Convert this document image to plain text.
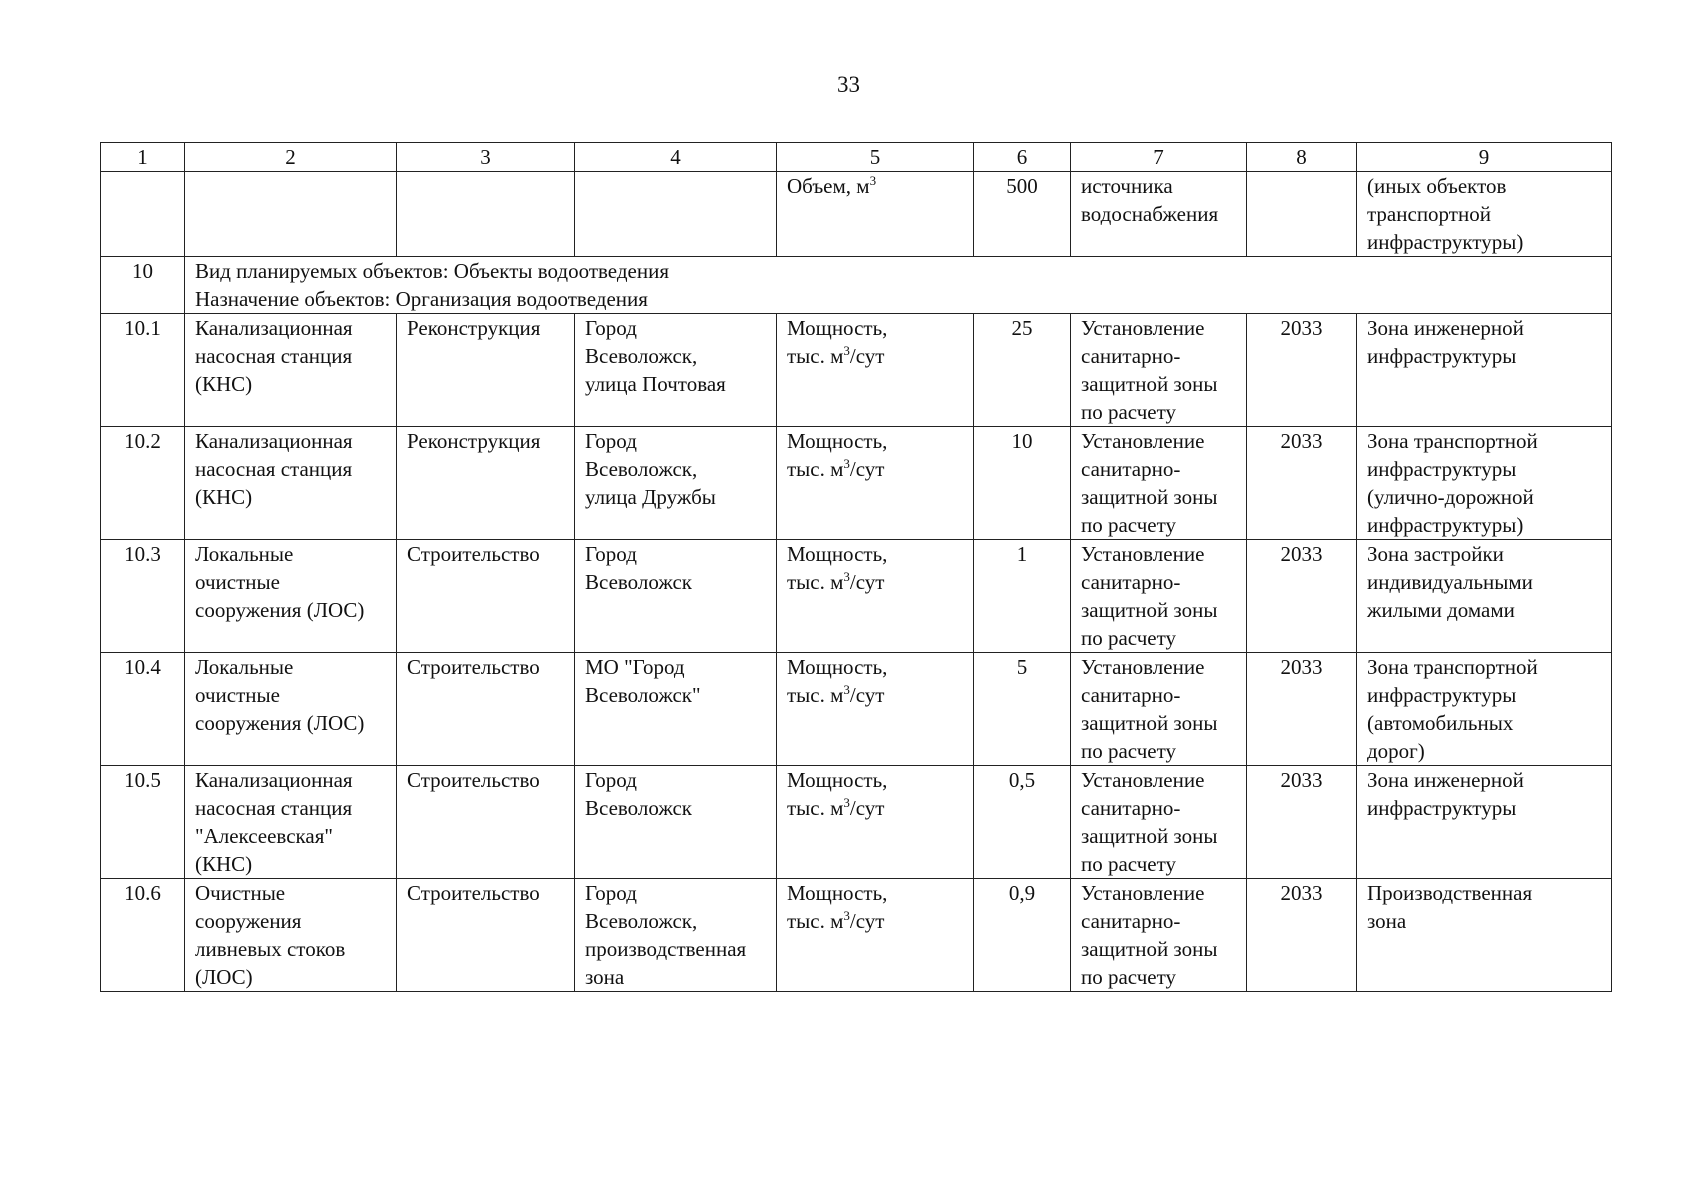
33
1	2	3	4	5	6	7	8	9
				Объем, $м^3$	500	источника
водоснабжения		(иных объектов
транспортной
инфраструктуры)

10	Вид планируемых объектов: Объекты водоотведения
Назначение объектов: Организация водоотведения							

10.1	Канализационная
насосная станция
(КНС)	Реконструкция	Город
Всеволожск,
улица Почтовая	Мощность,
тыс. $м^3$/сут	25	Установление
санитарно-
защитной зоны
по расчету	2033	Зона инженерной
инфраструктуры

10.2	Канализационная
насосная станция
(КНС)	Реконструкция	Город
Всеволожск,
улица Дружбы	Мощность,
тыс. $м^3$/сут	10	Установление
санитарно-
защитной зоны
по расчету	2033	Зона транспортной
инфраструктуры
(улично-дорожной
инфраструктуры)

10.3	Локальные
очистные
сооружения (ЛОС)	Строительство	Город
Всеволожск	Мощность,
тыс. $м^3$/сут	1	Установление
санитарно-
защитной зоны
по расчету	2033	Зона застройки
индивидуальными
жилыми домами

10.4	Локальные
очистные
сооружения (ЛОС)	Строительство	МО "Город
Всеволожск"	Мощность,
тыс. $м^3$/сут	5	Установление
санитарно-
защитной зоны
по расчету	2033	Зона транспортной
инфраструктуры
(автомобильных
дорог)

10.5	Канализационная
насосная станция
"Алексеевская"
(КНС)	Строительство	Город
Всеволожск	Мощность,
тыс. $м^3$/сут	0,5	Установление
санитарно-
защитной зоны
по расчету	2033	Зона инженерной
инфраструктуры

10.6	Очистные
сооружения
ливневых стоков
(ЛОС)	Строительство	Город
Всеволожск,
производственная
зона	Мощность,
тыс. $м^3$/сут	0,9	Установление
санитарно-
защитной зоны
по расчету	2033	Производственная
зона
